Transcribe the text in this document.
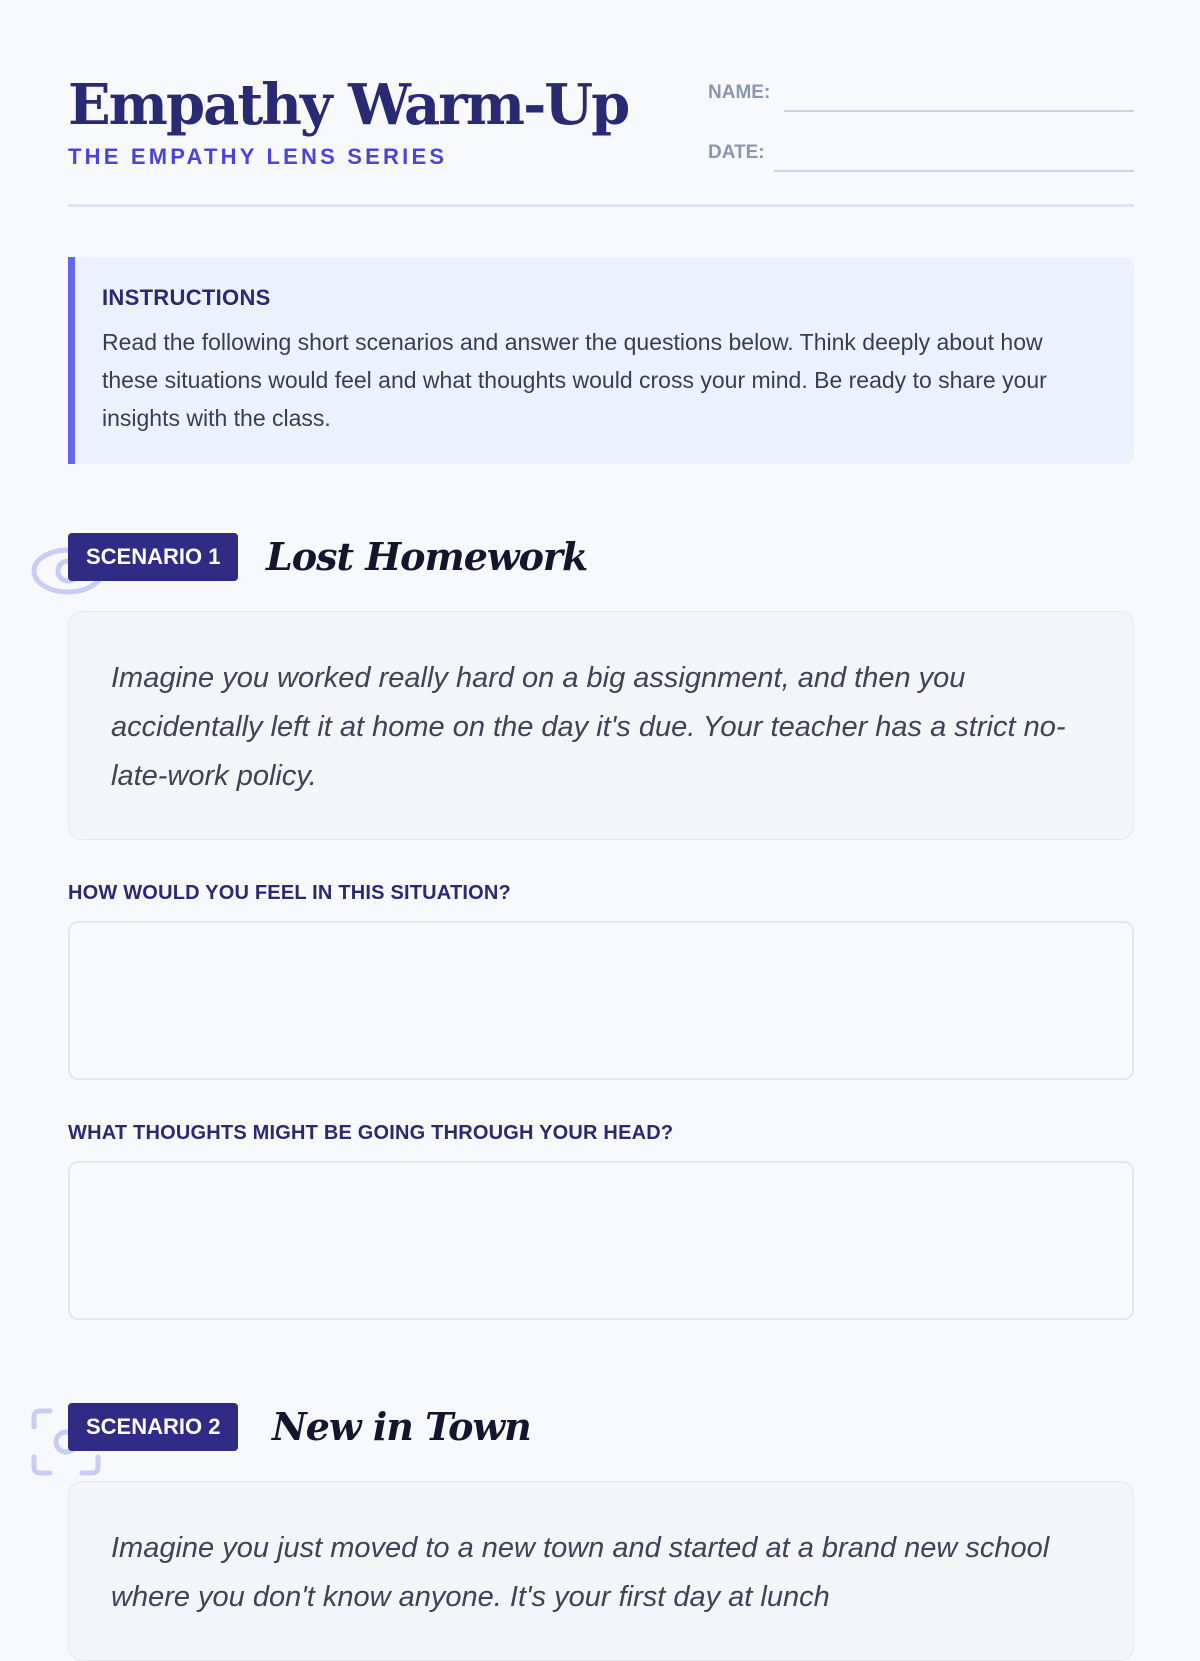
Empathy Warm-Up
THE EMPATHY LENS SERIES
NAME:
DATE:
INSTRUCTIONS
Read the following short scenarios and answer the questions below. Think deeply about how these situations would feel and what thoughts would cross your mind. Be ready to share your insights with the class.
SCENARIO 1	Lost Homework
Imagine you worked really hard on a big assignment, and then you accidentally left it at home on the day it's due. Your teacher has a strict no-late-work policy.
HOW WOULD YOU FEEL IN THIS SITUATION?
WHAT THOUGHTS MIGHT BE GOING THROUGH YOUR HEAD?
SCENARIO 2	New in Town
Imagine you just moved to a new town and started at a brand new school where you don't know anyone. It's your first day at lunch
